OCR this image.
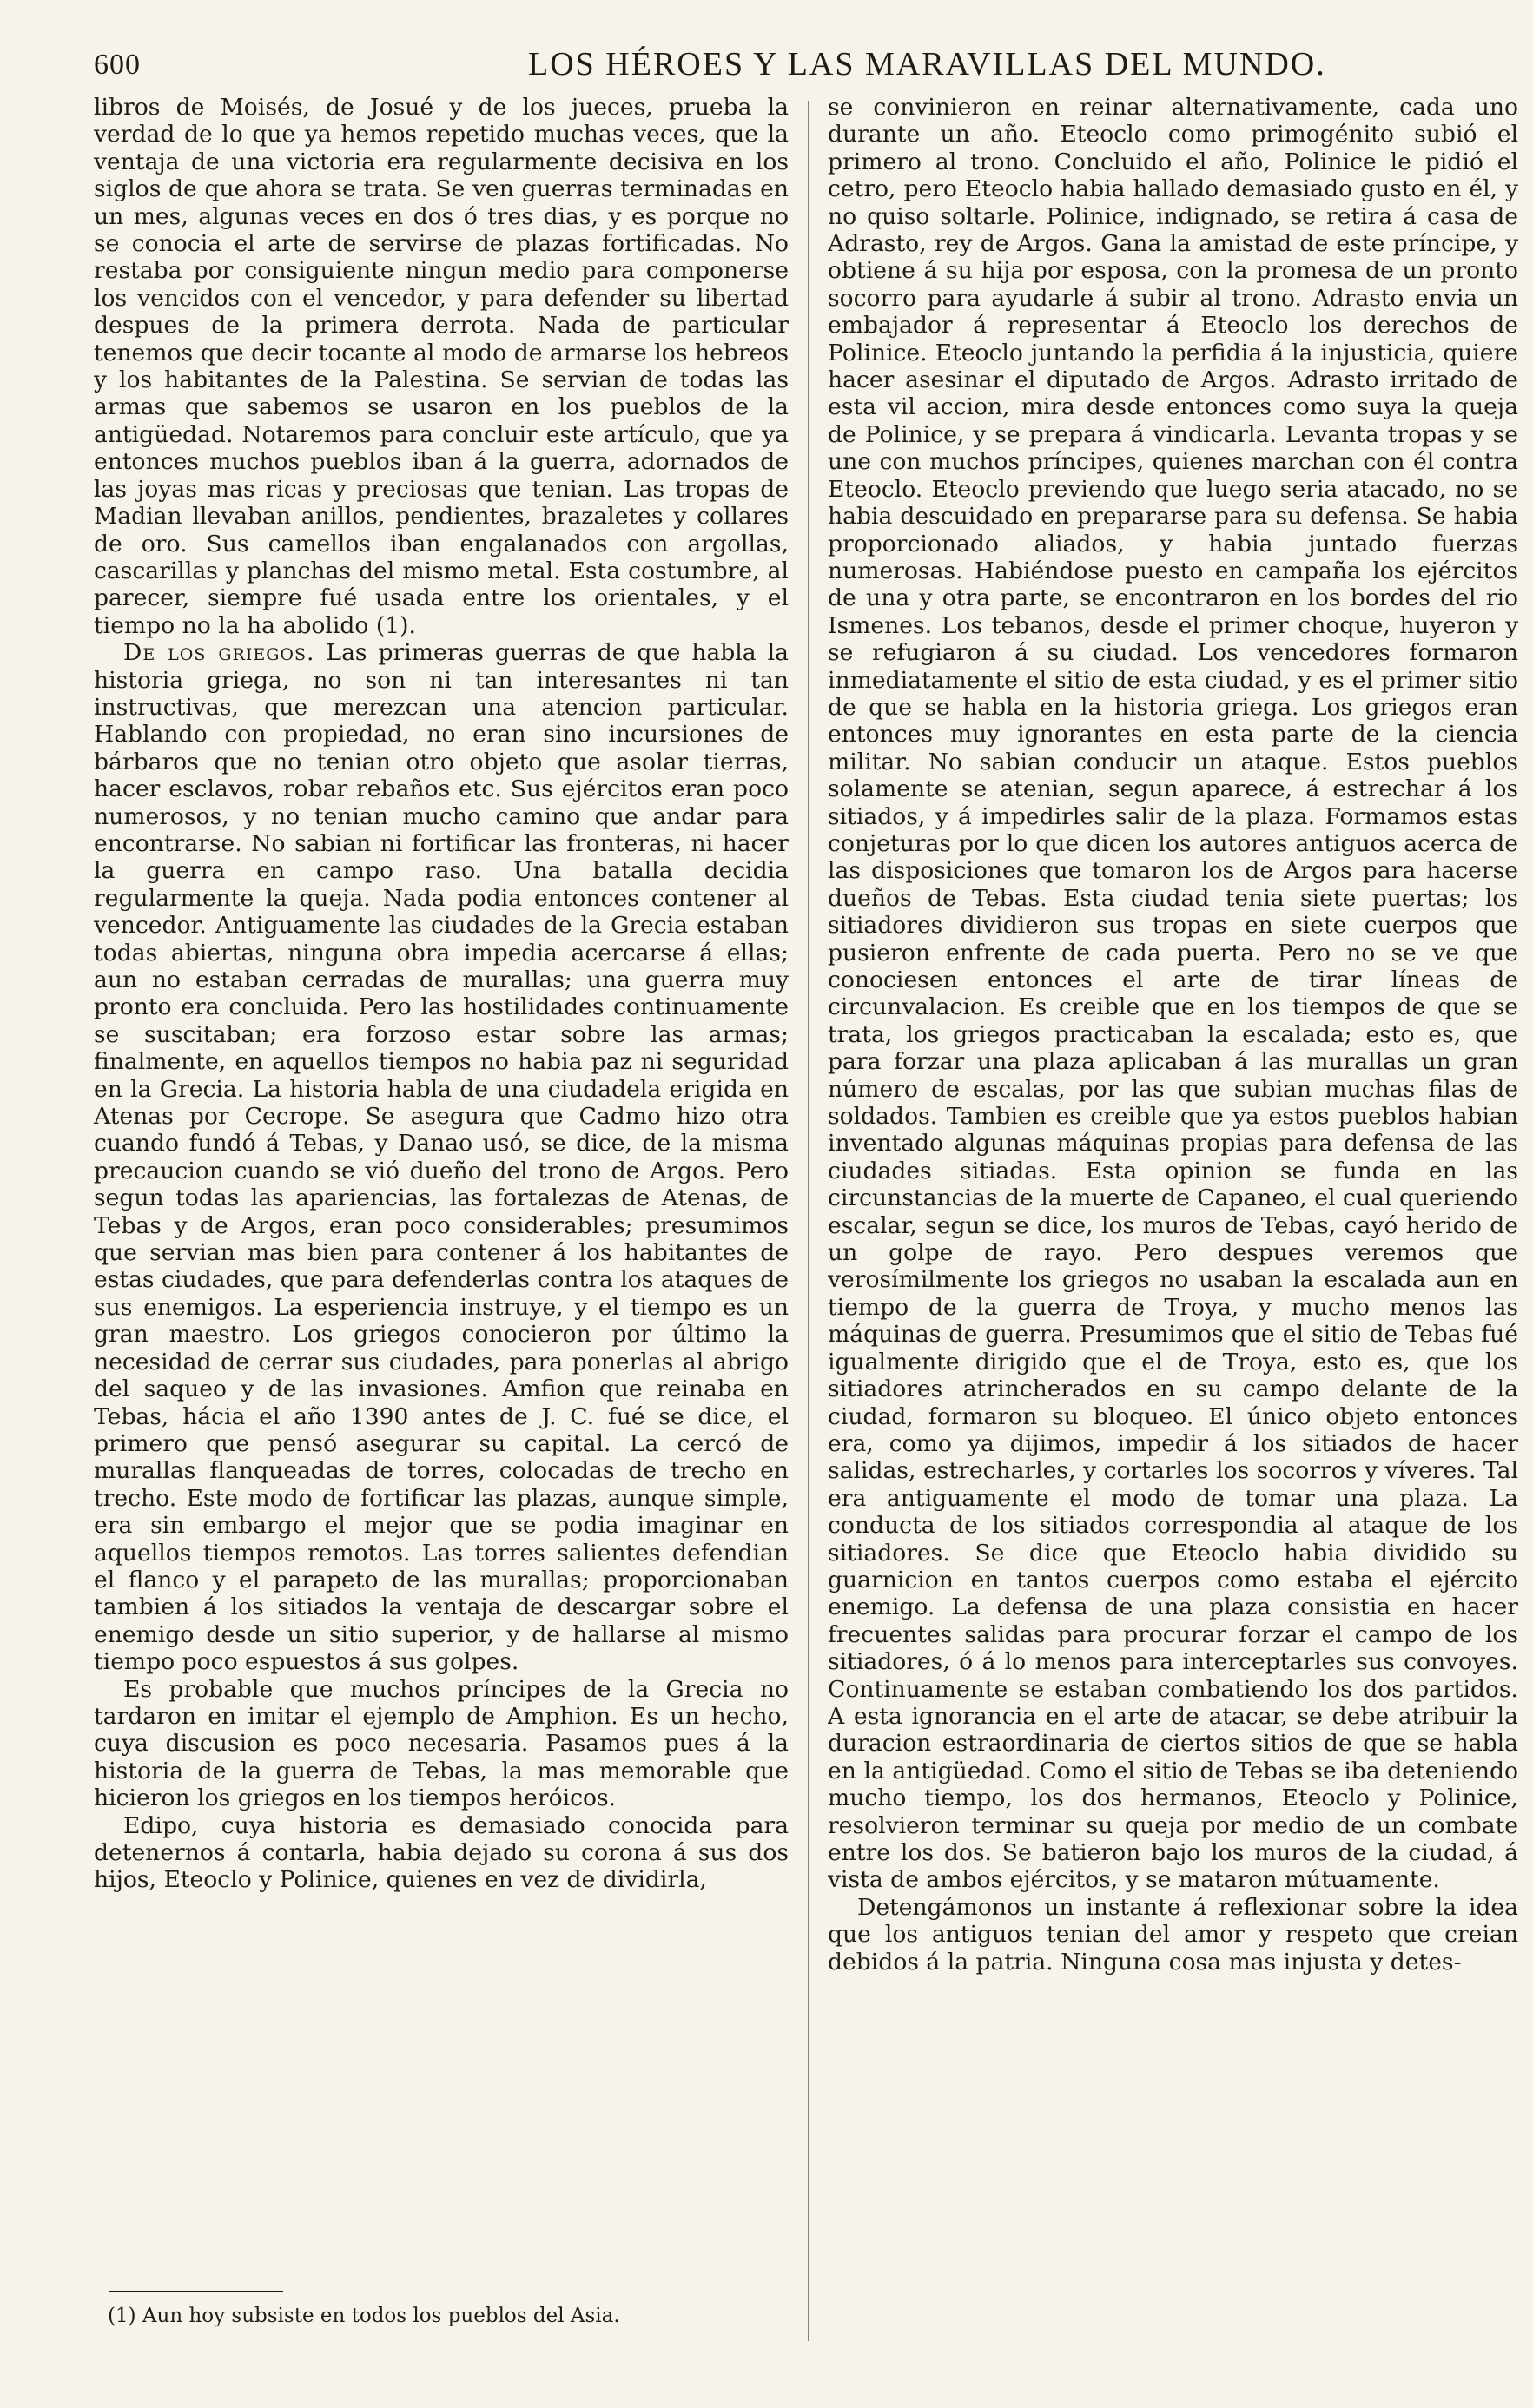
600	LOS HÉROES Y LAS MARAVILLAS DEL MUNDO.

libros de Moisés, de Josué y de los jueces, prueba la verdad de lo que ya hemos repetido muchas veces, que la ventaja de una victoria era regularmente decisiva en los siglos de que ahora se trata. Se ven guerras terminadas en un mes, algunas veces en dos ó tres dias, y es porque no se conocia el arte de servirse de plazas fortificadas. No restaba por consiguiente ningun medio para componerse los vencidos con el vencedor, y para defender su libertad despues de la primera derrota. Nada de particular tenemos que decir tocante al modo de armarse los hebreos y los habitantes de la Palestina. Se servian de todas las armas que sabemos se usaron en los pueblos de la antigüedad. Notaremos para concluir este artículo, que ya entonces muchos pueblos iban á la guerra, adornados de las joyas mas ricas y preciosas que tenian. Las tropas de Madian llevaban anillos, pendientes, brazaletes y collares de oro. Sus camellos iban engalanados con argollas, cascarillas y planchas del mismo metal. Esta costumbre, al parecer, siempre fué usada entre los orientales, y el tiempo no la ha abolido (1).

De los griegos. Las primeras guerras de que habla la historia griega, no son ni tan interesantes ni tan instructivas, que merezcan una atencion particular. Hablando con propiedad, no eran sino incursiones de bárbaros que no tenian otro objeto que asolar tierras, hacer esclavos, robar rebaños etc. Sus ejércitos eran poco numerosos, y no tenian mucho camino que andar para encontrarse. No sabian ni fortificar las fronteras, ni hacer la guerra en campo raso. Una batalla decidia regularmente la queja. Nada podia entonces contener al vencedor. Antiguamente las ciudades de la Grecia estaban todas abiertas, ninguna obra impedia acercarse á ellas; aun no estaban cerradas de murallas; una guerra muy pronto era concluida. Pero las hostilidades continuamente se suscitaban; era forzoso estar sobre las armas; finalmente, en aquellos tiempos no habia paz ni seguridad en la Grecia. La historia habla de una ciudadela erigida en Atenas por Cecrope. Se asegura que Cadmo hizo otra cuando fundó á Tebas, y Danao usó, se dice, de la misma precaucion cuando se vió dueño del trono de Argos. Pero segun todas las apariencias, las fortalezas de Atenas, de Tebas y de Argos, eran poco considerables; presumimos que servian mas bien para contener á los habitantes de estas ciudades, que para defenderlas contra los ataques de sus enemigos. La esperiencia instruye, y el tiempo es un gran maestro. Los griegos conocieron por último la necesidad de cerrar sus ciudades, para ponerlas al abrigo del saqueo y de las invasiones. Amfion que reinaba en Tebas, hácia el año 1390 antes de J. C. fué se dice, el primero que pensó asegurar su capital. La cercó de murallas flanqueadas de torres, colocadas de trecho en trecho. Este modo de fortificar las plazas, aunque simple, era sin embargo el mejor que se podia imaginar en aquellos tiempos remotos. Las torres salientes defendian el flanco y el parapeto de las murallas; proporcionaban tambien á los sitiados la ventaja de descargar sobre el enemigo desde un sitio superior, y de hallarse al mismo tiempo poco espuestos á sus golpes.

Es probable que muchos príncipes de la Grecia no tardaron en imitar el ejemplo de Amphion. Es un hecho, cuya discusion es poco necesaria. Pasamos pues á la historia de la guerra de Tebas, la mas memorable que hicieron los griegos en los tiempos heróicos.

Edipo, cuya historia es demasiado conocida para detenernos á contarla, habia dejado su corona á sus dos hijos, Eteoclo y Polinice, quienes en vez de dividirla,

(1) Aun hoy subsiste en todos los pueblos del Asia.

se convinieron en reinar alternativamente, cada uno durante un año. Eteoclo como primogénito subió el primero al trono. Concluido el año, Polinice le pidió el cetro, pero Eteoclo habia hallado demasiado gusto en él, y no quiso soltarle. Polinice, indignado, se retira á casa de Adrasto, rey de Argos. Gana la amistad de este príncipe, y obtiene á su hija por esposa, con la promesa de un pronto socorro para ayudarle á subir al trono. Adrasto envia un embajador á representar á Eteoclo los derechos de Polinice. Eteoclo juntando la perfidia á la injusticia, quiere hacer asesinar el diputado de Argos. Adrasto irritado de esta vil accion, mira desde entonces como suya la queja de Polinice, y se prepara á vindicarla. Levanta tropas y se une con muchos príncipes, quienes marchan con él contra Eteoclo. Eteoclo previendo que luego seria atacado, no se habia descuidado en prepararse para su defensa. Se habia proporcionado aliados, y habia juntado fuerzas numerosas. Habiéndose puesto en campaña los ejércitos de una y otra parte, se encontraron en los bordes del rio Ismenes. Los tebanos, desde el primer choque, huyeron y se refugiaron á su ciudad. Los vencedores formaron inmediatamente el sitio de esta ciudad, y es el primer sitio de que se habla en la historia griega. Los griegos eran entonces muy ignorantes en esta parte de la ciencia militar. No sabian conducir un ataque. Estos pueblos solamente se atenian, segun aparece, á estrechar á los sitiados, y á impedirles salir de la plaza. Formamos estas conjeturas por lo que dicen los autores antiguos acerca de las disposiciones que tomaron los de Argos para hacerse dueños de Tebas. Esta ciudad tenia siete puertas; los sitiadores dividieron sus tropas en siete cuerpos que pusieron enfrente de cada puerta. Pero no se ve que conociesen entonces el arte de tirar líneas de circunvalacion. Es creible que en los tiempos de que se trata, los griegos practicaban la escalada; esto es, que para forzar una plaza aplicaban á las murallas un gran número de escalas, por las que subian muchas filas de soldados. Tambien es creible que ya estos pueblos habian inventado algunas máquinas propias para defensa de las ciudades sitiadas. Esta opinion se funda en las circunstancias de la muerte de Capaneo, el cual queriendo escalar, segun se dice, los muros de Tebas, cayó herido de un golpe de rayo. Pero despues veremos que verosímilmente los griegos no usaban la escalada aun en tiempo de la guerra de Troya, y mucho menos las máquinas de guerra. Presumimos que el sitio de Tebas fué igualmente dirigido que el de Troya, esto es, que los sitiadores atrincherados en su campo delante de la ciudad, formaron su bloqueo. El único objeto entonces era, como ya dijimos, impedir á los sitiados de hacer salidas, estrecharles, y cortarles los socorros y víveres. Tal era antiguamente el modo de tomar una plaza. La conducta de los sitiados correspondia al ataque de los sitiadores. Se dice que Eteoclo habia dividido su guarnicion en tantos cuerpos como estaba el ejército enemigo. La defensa de una plaza consistia en hacer frecuentes salidas para procurar forzar el campo de los sitiadores, ó á lo menos para interceptarles sus convoyes. Continuamente se estaban combatiendo los dos partidos. A esta ignorancia en el arte de atacar, se debe atribuir la duracion estraordinaria de ciertos sitios de que se habla en la antigüedad. Como el sitio de Tebas se iba deteniendo mucho tiempo, los dos hermanos, Eteoclo y Polinice, resolvieron terminar su queja por medio de un combate entre los dos. Se batieron bajo los muros de la ciudad, á vista de ambos ejércitos, y se mataron mútuamente.

Detengámonos un instante á reflexionar sobre la idea que los antiguos tenian del amor y respeto que creian debidos á la patria. Ninguna cosa mas injusta y detes-
